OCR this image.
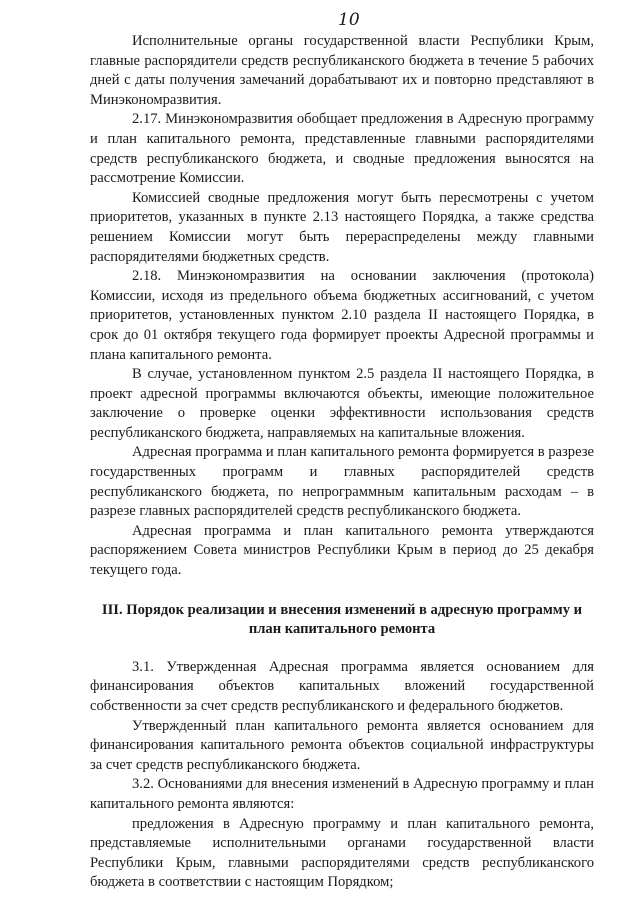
10

Исполнительные органы государственной власти Республики Крым, главные распорядители средств республиканского бюджета в течение 5 рабочих дней с даты получения замечаний дорабатывают их и повторно представляют в Минэкономразвития.

2.17. Минэкономразвития обобщает предложения в Адресную программу и план капитального ремонта, представленные главными распорядителями средств республиканского бюджета, и сводные предложения выносятся на рассмотрение Комиссии.

Комиссией сводные предложения могут быть пересмотрены с учетом приоритетов, указанных в пункте 2.13 настоящего Порядка, а также средства решением Комиссии могут быть перераспределены между главными распорядителями бюджетных средств.

2.18. Минэкономразвития на основании заключения (протокола) Комиссии, исходя из предельного объема бюджетных ассигнований, с учетом приоритетов, установленных пунктом 2.10 раздела II настоящего Порядка, в срок до 01 октября текущего года формирует проекты Адресной программы и плана капитального ремонта.

В случае, установленном пунктом 2.5 раздела II настоящего Порядка, в проект адресной программы включаются объекты, имеющие положительное заключение о проверке оценки эффективности использования средств республиканского бюджета, направляемых на капитальные вложения.

Адресная программа и план капитального ремонта формируется в разрезе государственных программ и главных распорядителей средств республиканского бюджета, по непрограммным капитальным расходам – в разрезе главных распорядителей средств республиканского бюджета.

Адресная программа и план капитального ремонта утверждаются распоряжением Совета министров Республики Крым в период до 25 декабря текущего года.

III. Порядок реализации и внесения изменений в адресную программу и план капитального ремонта

3.1. Утвержденная Адресная программа является основанием для финансирования объектов капитальных вложений государственной собственности за счет средств республиканского и федерального бюджетов.

Утвержденный план капитального ремонта является основанием для финансирования капитального ремонта объектов социальной инфраструктуры за счет средств республиканского бюджета.

3.2. Основаниями для внесения изменений в Адресную программу и план капитального ремонта являются:

предложения в Адресную программу и план капитального ремонта, представляемые исполнительными органами государственной власти Республики Крым, главными распорядителями средств республиканского бюджета в соответствии с настоящим Порядком;
